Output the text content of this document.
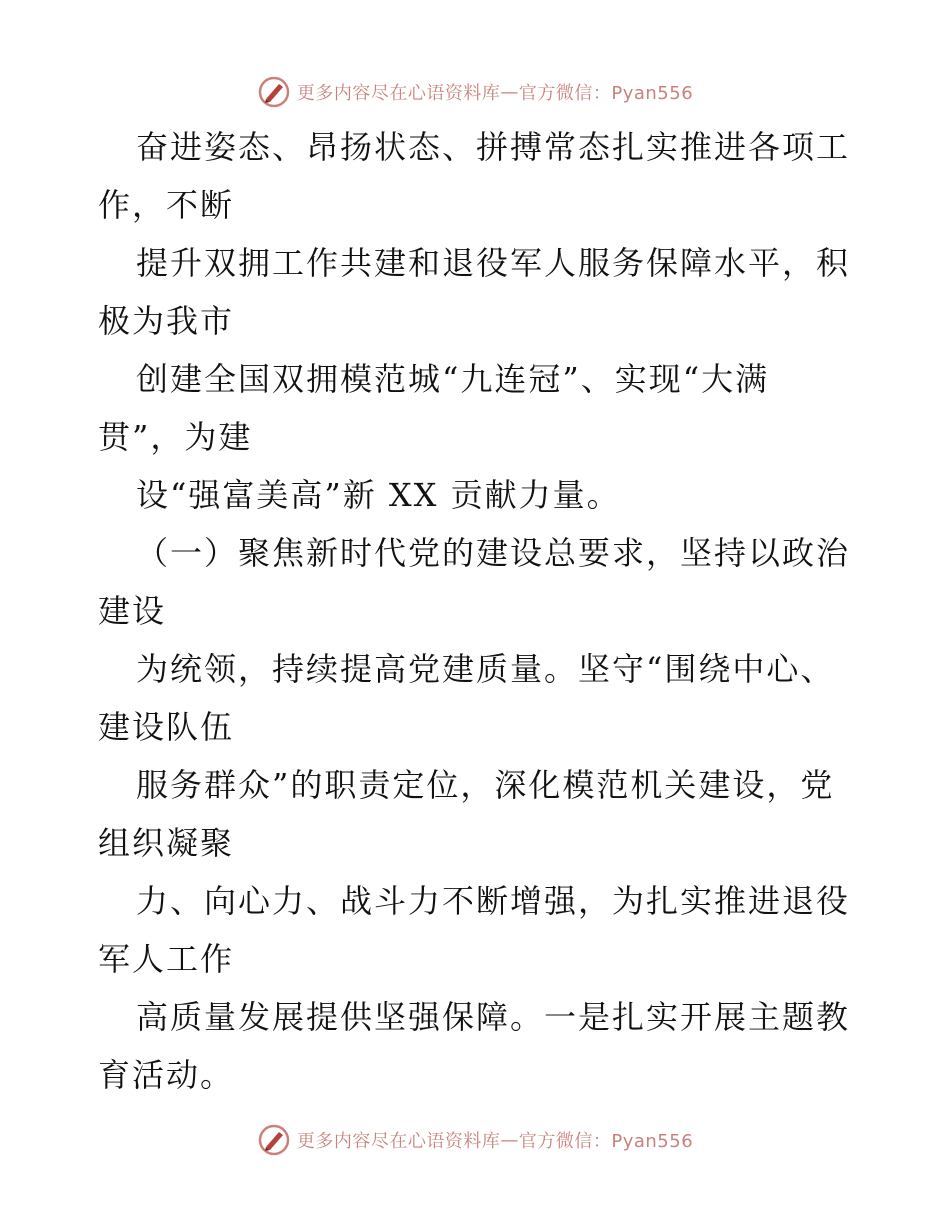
更多内容尽在心语资料库 — 官方微信：Pyan556
奋进姿态、昂扬状态、拼搏常态扎实推进各项工
作，不断
提升双拥工作共建和退役军人服务保障水平，积
极为我市
创建全国双拥模范城“九连冠”、实现“大满
贯”，为建
设“强富美高”新 XX 贡献力量。
（一）聚焦新时代党的建设总要求，坚持以政治
建设
为统领，持续提高党建质量。坚守“围绕中心、
建设队伍
服务群众”的职责定位，深化模范机关建设，党
组织凝聚
力、向心力、战斗力不断增强，为扎实推进退役
军人工作
高质量发展提供坚强保障。一是扎实开展主题教
育活动。
更多内容尽在心语资料库 — 官方微信：Pyan556
